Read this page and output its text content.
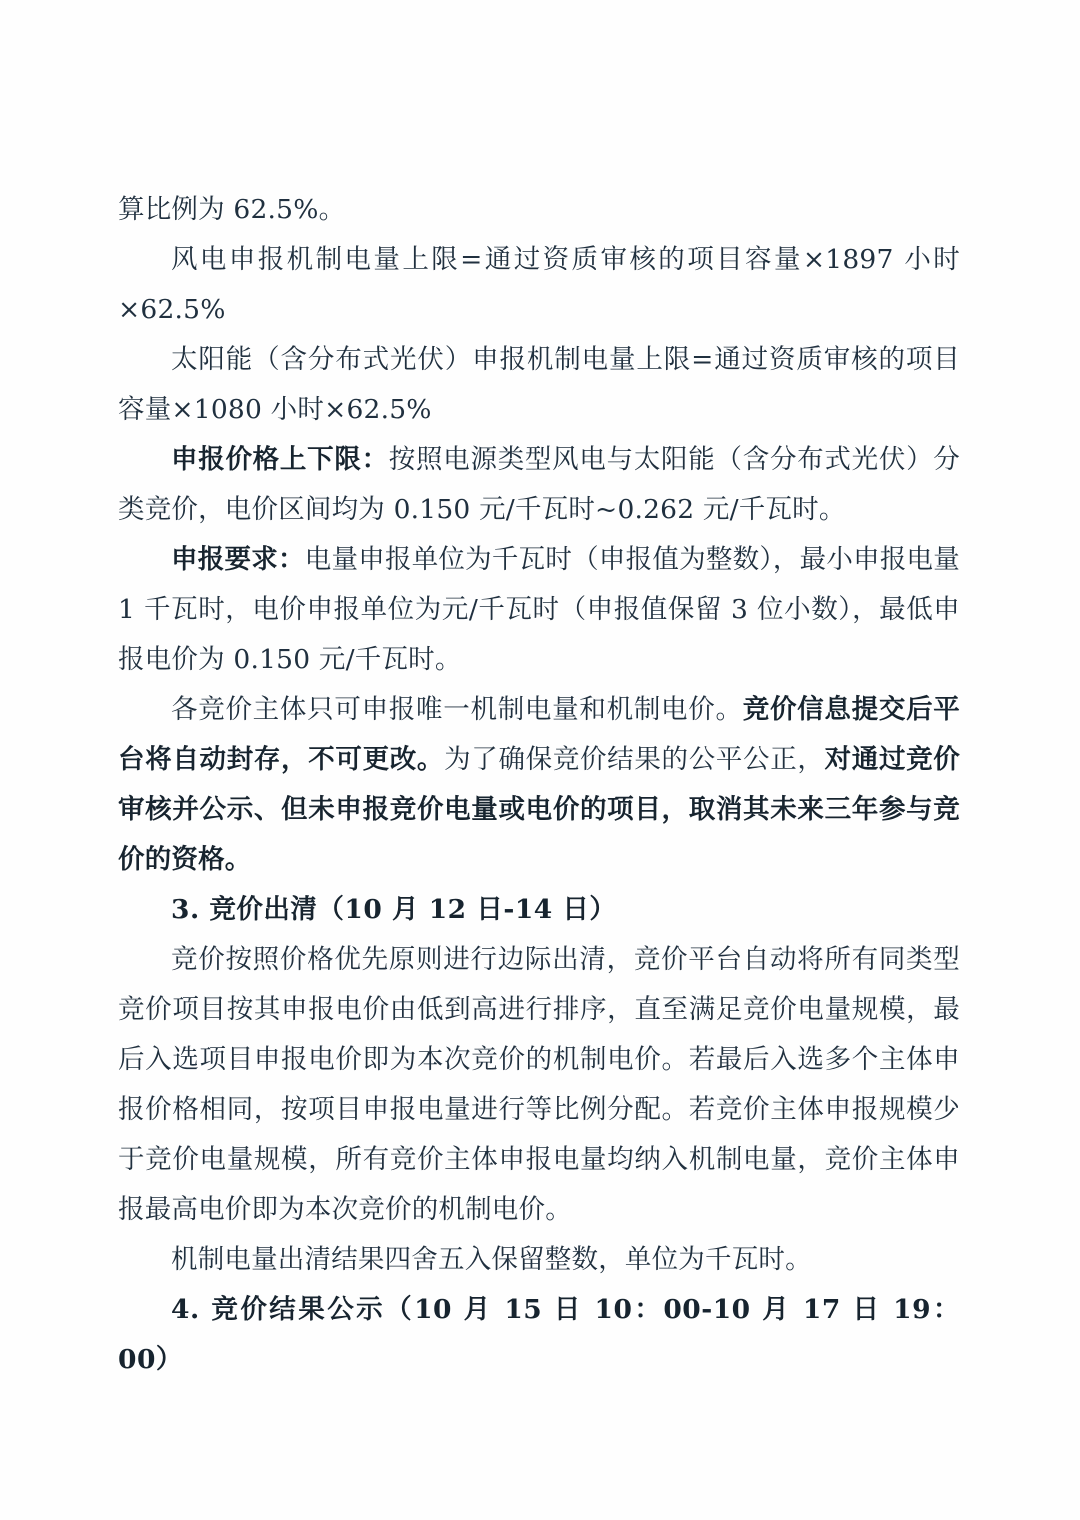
算比例为 62.5%。

风电申报机制电量上限=通过资质审核的项目容量×1897 小时×62.5%

太阳能（含分布式光伏）申报机制电量上限=通过资质审核的项目容量×1080 小时×62.5%

申报价格上下限：按照电源类型风电与太阳能（含分布式光伏）分类竞价，电价区间均为 0.150 元/千瓦时~0.262 元/千瓦时。

申报要求：电量申报单位为千瓦时（申报值为整数），最小申报电量 1 千瓦时，电价申报单位为元/千瓦时（申报值保留 3 位小数），最低申报电价为 0.150 元/千瓦时。

各竞价主体只可申报唯一机制电量和机制电价。竞价信息提交后平台将自动封存，不可更改。为了确保竞价结果的公平公正，对通过竞价审核并公示、但未申报竞价电量或电价的项目，取消其未来三年参与竞价的资格。

3. 竞价出清（10 月 12 日-14 日）

竞价按照价格优先原则进行边际出清，竞价平台自动将所有同类型竞价项目按其申报电价由低到高进行排序，直至满足竞价电量规模，最后入选项目申报电价即为本次竞价的机制电价。若最后入选多个主体申报价格相同，按项目申报电量进行等比例分配。若竞价主体申报规模少于竞价电量规模，所有竞价主体申报电量均纳入机制电量，竞价主体申报最高电价即为本次竞价的机制电价。

机制电量出清结果四舍五入保留整数，单位为千瓦时。

4. 竞价结果公示（10 月 15 日 10：00-10 月 17 日 19：00）
